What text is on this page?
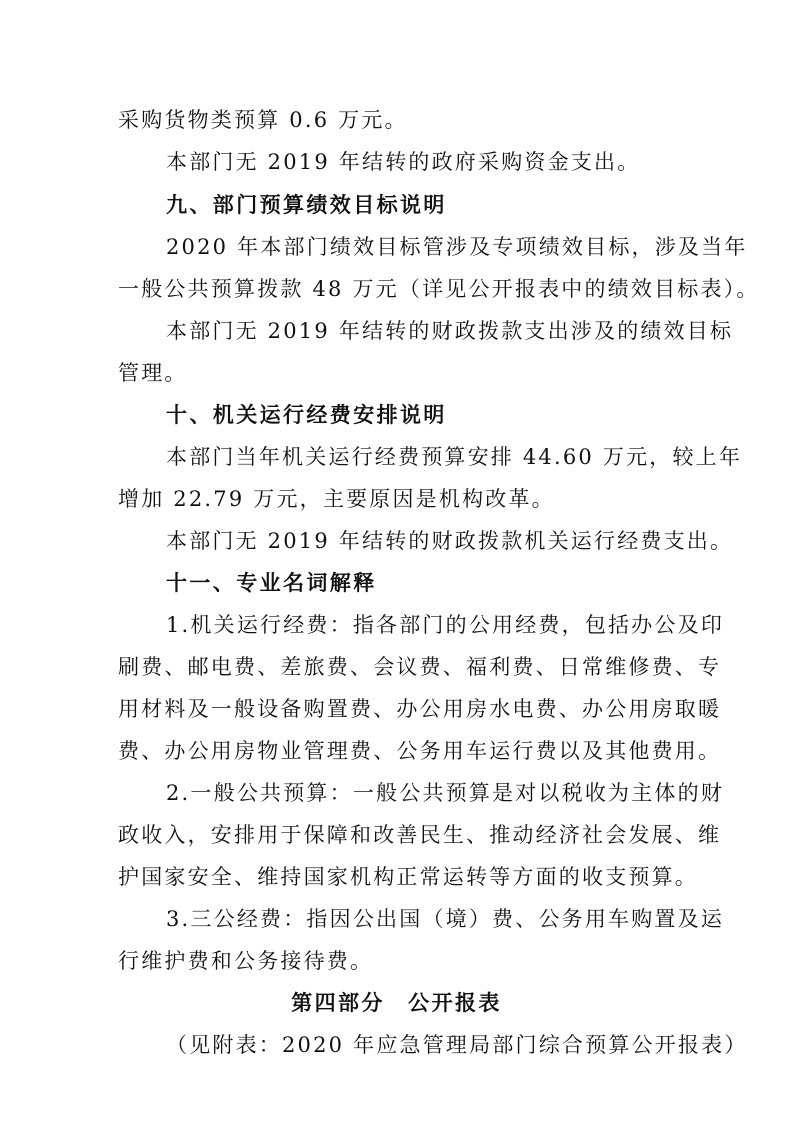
采购货物类预算 0.6 万元。
本部门无 2019 年结转的政府采购资金支出。
九、部门预算绩效目标说明
2020 年本部门绩效目标管涉及专项绩效目标，涉及当年
一般公共预算拨款 48 万元（详见公开报表中的绩效目标表）。
本部门无 2019 年结转的财政拨款支出涉及的绩效目标
管理。
十、机关运行经费安排说明
本部门当年机关运行经费预算安排 44.60 万元，较上年
增加 22.79 万元，主要原因是机构改革。
本部门无 2019 年结转的财政拨款机关运行经费支出。
十一、专业名词解释
1.机关运行经费：指各部门的公用经费，包括办公及印
刷费、邮电费、差旅费、会议费、福利费、日常维修费、专
用材料及一般设备购置费、办公用房水电费、办公用房取暖
费、办公用房物业管理费、公务用车运行费以及其他费用。
2.一般公共预算：一般公共预算是对以税收为主体的财
政收入，安排用于保障和改善民生、推动经济社会发展、维
护国家安全、维持国家机构正常运转等方面的收支预算。
3.三公经费：指因公出国（境）费、公务用车购置及运
行维护费和公务接待费。
第四部分　公开报表
（见附表：2020 年应急管理局部门综合预算公开报表）
